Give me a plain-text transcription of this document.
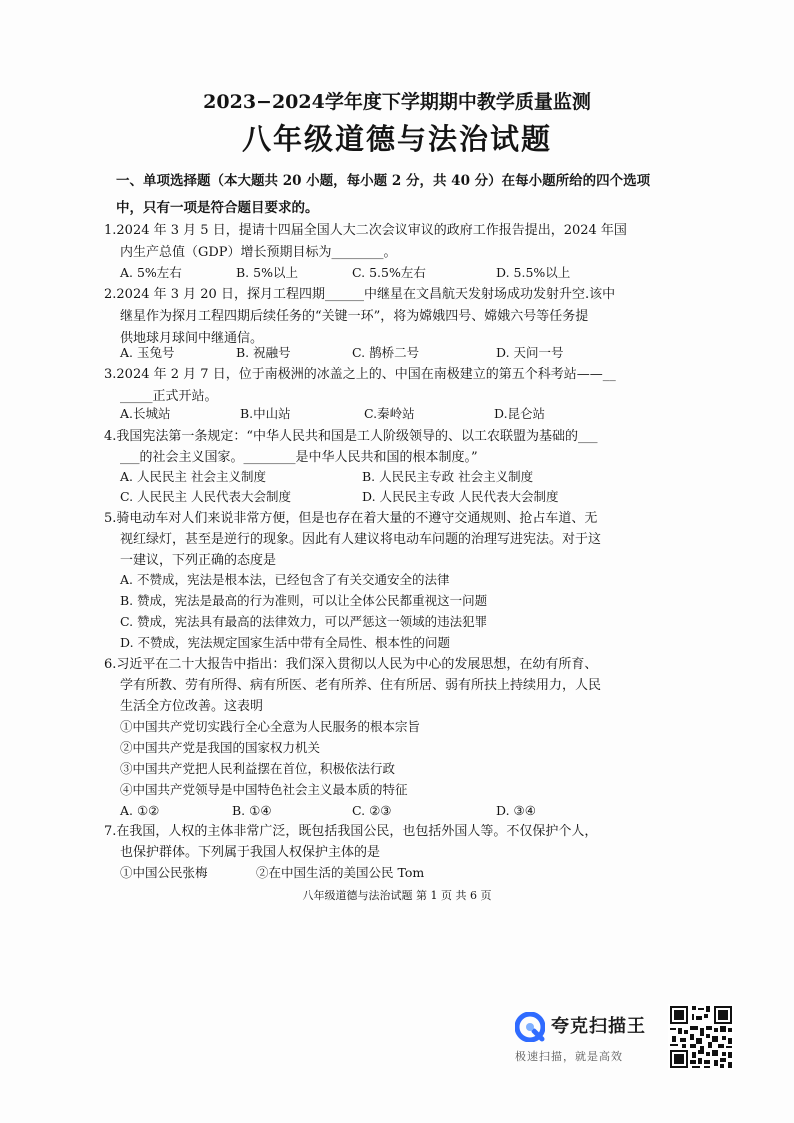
2023−2024学年度下学期期中教学质量监测
八年级道德与法治试题
一、单项选择题（本大题共 20 小题，每小题 2 分，共 40 分）在每小题所给的四个选项
中，只有一项是符合题目要求的。
1.2024 年 3 月 5 日，提请十四届全国人大二次会议审议的政府工作报告提出，2024 年国
内生产总值（GDP）增长预期目标为________。
A. 5%左右	B. 5%以上	C. 5.5%左右	D. 5.5%以上
2.2024 年 3 月 20 日，探月工程四期______中继星在文昌航天发射场成功发射升空.该中
继星作为探月工程四期后续任务的“关键一环”，将为嫦娥四号、嫦娥六号等任务提
供地球月球间中继通信。
A. 玉兔号	B. 祝融号	C. 鹊桥二号	D. 天问一号
3.2024 年 2 月 7 日，位于南极洲的冰盖之上的、中国在南极建立的第五个科考站——__
_____正式开站。
A.长城站	B.中山站	C.秦岭站	D.昆仑站
4.我国宪法第一条规定：“中华人民共和国是工人阶级领导的、以工农联盟为基础的___
___的社会主义国家。________是中华人民共和国的根本制度。”
A. 人民民主 社会主义制度	B. 人民民主专政 社会主义制度
C. 人民民主 人民代表大会制度	D. 人民民主专政 人民代表大会制度
5.骑电动车对人们来说非常方便，但是也存在着大量的不遵守交通规则、抢占车道、无
视红绿灯，甚至是逆行的现象。因此有人建议将电动车问题的治理写进宪法。对于这
一建议，下列正确的态度是
A. 不赞成，宪法是根本法，已经包含了有关交通安全的法律
B. 赞成，宪法是最高的行为准则，可以让全体公民都重视这一问题
C. 赞成，宪法具有最高的法律效力，可以严惩这一领域的违法犯罪
D. 不赞成，宪法规定国家生活中带有全局性、根本性的问题
6.习近平在二十大报告中指出：我们深入贯彻以人民为中心的发展思想，在幼有所育、
学有所教、劳有所得、病有所医、老有所养、住有所居、弱有所扶上持续用力，人民
生活全方位改善。这表明
①中国共产党切实践行全心全意为人民服务的根本宗旨
②中国共产党是我国的国家权力机关
③中国共产党把人民利益摆在首位，积极依法行政
④中国共产党领导是中国特色社会主义最本质的特征
A. ①②	B. ①④	C. ②③	D. ③④
7.在我国，人权的主体非常广泛，既包括我国公民，也包括外国人等。不仅保护个人，
也保护群体。下列属于我国人权保护主体的是
①中国公民张梅	②在中国生活的美国公民 Tom
八年级道德与法治试题 第 1 页 共 6 页
夸克扫描王
极速扫描，就是高效
